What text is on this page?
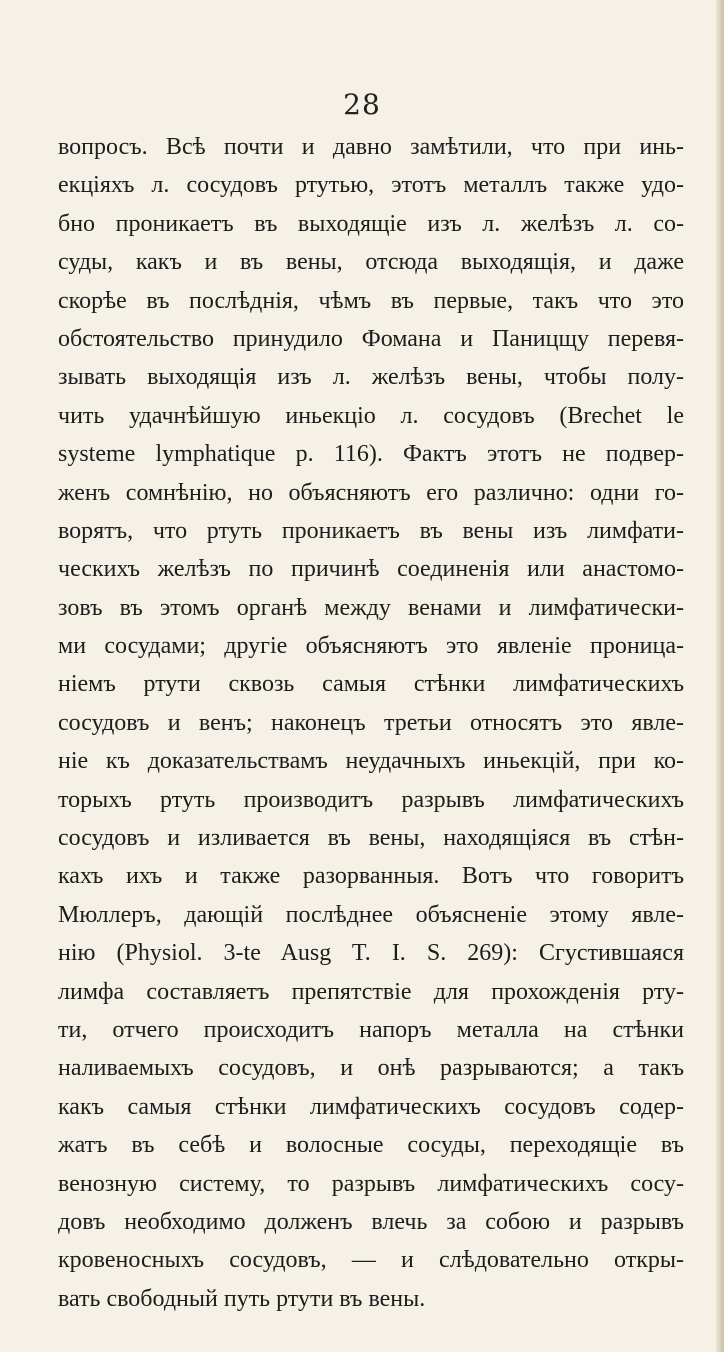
28
вопросъ. Всѣ почти и давно замѣтили, что при инь-
екціяхъ л. сосудовъ ртутью, этотъ металлъ также удо-
бно проникаетъ въ выходящіе изъ л. желѣзъ л. со-
суды, какъ и въ вены, отсюда выходящія, и даже
скорѣе въ послѣднія, чѣмъ въ первые, такъ что это
обстоятельство принудило Фомана и Паницщу перевя-
зывать выходящія изъ л. желѣзъ вены, чтобы полу-
чить удачнѣйшую иньекціо л. сосудовъ (Brechet le
systeme lymphatique p. 116). Фактъ этотъ не подвер-
женъ сомнѣнію, но объясняютъ его различно: одни го-
ворятъ, что ртуть проникаетъ въ вены изъ лимфати-
ческихъ желѣзъ по причинѣ соединенія или анастомо-
зовъ въ этомъ органѣ между венами и лимфатически-
ми сосудами; другіе объясняютъ это явленіе проница-
ніемъ ртути сквозь самыя стѣнки лимфатическихъ
сосудовъ и венъ; наконецъ третьи относятъ это явле-
ніе къ доказательствамъ неудачныхъ иньекцій, при ко-
торыхъ ртуть производитъ разрывъ лимфатическихъ
сосудовъ и изливается въ вены, находящіяся въ стѣн-
кахъ ихъ и также разорванныя. Вотъ что говоритъ
Мюллеръ, дающій послѣднее объясненіе этому явле-
нію (Physiol. 3-te Ausg T. I. S. 269): Сгустившаяся
лимфа составляетъ препятствіе для прохожденія рту-
ти, отчего происходитъ напоръ металла на стѣнки
наливаемыхъ сосудовъ, и онѣ разрываются; а такъ
какъ самыя стѣнки лимфатическихъ сосудовъ содер-
жатъ въ себѣ и волосные сосуды, переходящіе въ
венозную систему, то разрывъ лимфатическихъ сосу-
довъ необходимо долженъ влечь за собою и разрывъ
кровеносныхъ сосудовъ, — и слѣдовательно откры-
вать свободный путь ртути въ вены.
